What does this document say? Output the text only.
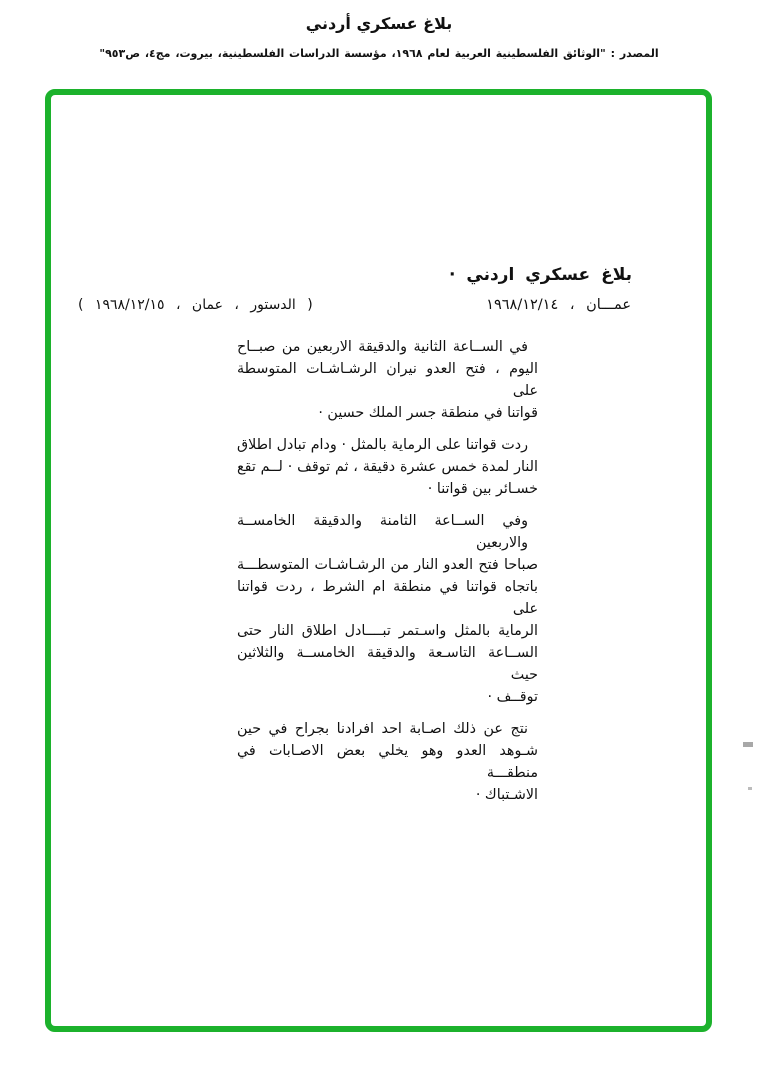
بلاغ عسكري أردني
المصدر : "الوثائق الفلسطينية العربية لعام ١٩٦٨، مؤسسة الدراسات الفلسطينية، بيروت، مج٤، ص٩٥٣"
بلاغ عسكري اردني ·
عمـــان ، ١٩٦٨/١٢/١٤
( الدستور ، عمان ، ١٩٦٨/١٢/١٥ )
في الســاعة الثانية والدقيقة الاربعين من صبــاح
اليوم ، فتح العدو نيران الرشـاشـات المتوسطة على
قواتنا في منطقة جسر الملك حسين ·
ردت قواتنا على الرماية بالمثل · ودام تبادل اطلاق
النار لمدة خمس عشرة دقيقة ، ثم توقف · لــم تقع
خسـائر بين قواتنا ·
وفي الســاعة الثامنة والدقيقة الخامســة والاربعين
صباحا فتح العدو النار من الرشـاشـات المتوسطـــة
باتجاه قواتنا في منطقة ام الشرط ، ردت قواتنا على
الرماية بالمثل واسـتمر تبــــادل اطلاق النار حتى
الســاعة التاسـعة والدقيقة الخامســة والثلاثين حيث
توقــف ·
نتج عن ذلك اصـابة احد افرادنا بجراح في حين
شـوهد العدو وهو يخلي بعض الاصـابات في منطقـــة
الاشـتباك ·
